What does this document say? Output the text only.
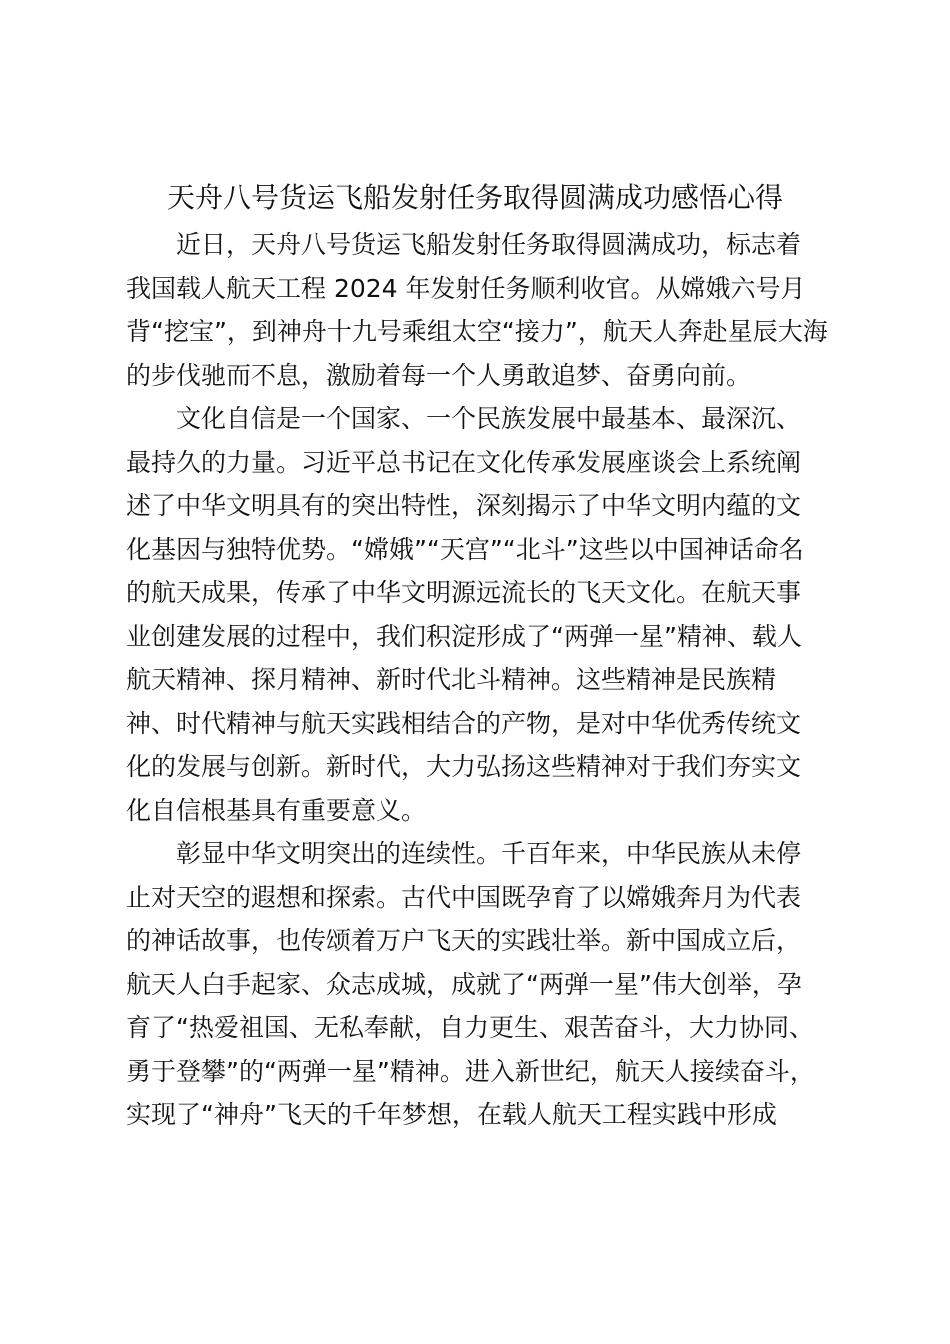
天舟八号货运飞船发射任务取得圆满成功感悟心得
近日，天舟八号货运飞船发射任务取得圆满成功，标志着
我国载人航天工程 2024 年发射任务顺利收官。从嫦娥六号月
背“挖宝”，到神舟十九号乘组太空“接力”，航天人奔赴星辰大海
的步伐驰而不息，激励着每一个人勇敢追梦、奋勇向前。
文化自信是一个国家、一个民族发展中最基本、最深沉、
最持久的力量。习近平总书记在文化传承发展座谈会上系统阐
述了中华文明具有的突出特性，深刻揭示了中华文明内蕴的文
化基因与独特优势。“嫦娥”“天宫”“北斗”这些以中国神话命名
的航天成果，传承了中华文明源远流长的飞天文化。在航天事
业创建发展的过程中，我们积淀形成了“两弹一星”精神、载人
航天精神、探月精神、新时代北斗精神。这些精神是民族精
神、时代精神与航天实践相结合的产物，是对中华优秀传统文
化的发展与创新。新时代，大力弘扬这些精神对于我们夯实文
化自信根基具有重要意义。
彰显中华文明突出的连续性。千百年来，中华民族从未停
止对天空的遐想和探索。古代中国既孕育了以嫦娥奔月为代表
的神话故事，也传颂着万户飞天的实践壮举。新中国成立后，
航天人白手起家、众志成城，成就了“两弹一星”伟大创举，孕
育了“热爱祖国、无私奉献，自力更生、艰苦奋斗，大力协同、
勇于登攀”的“两弹一星”精神。进入新世纪，航天人接续奋斗，
实现了“神舟”飞天的千年梦想，在载人航天工程实践中形成
